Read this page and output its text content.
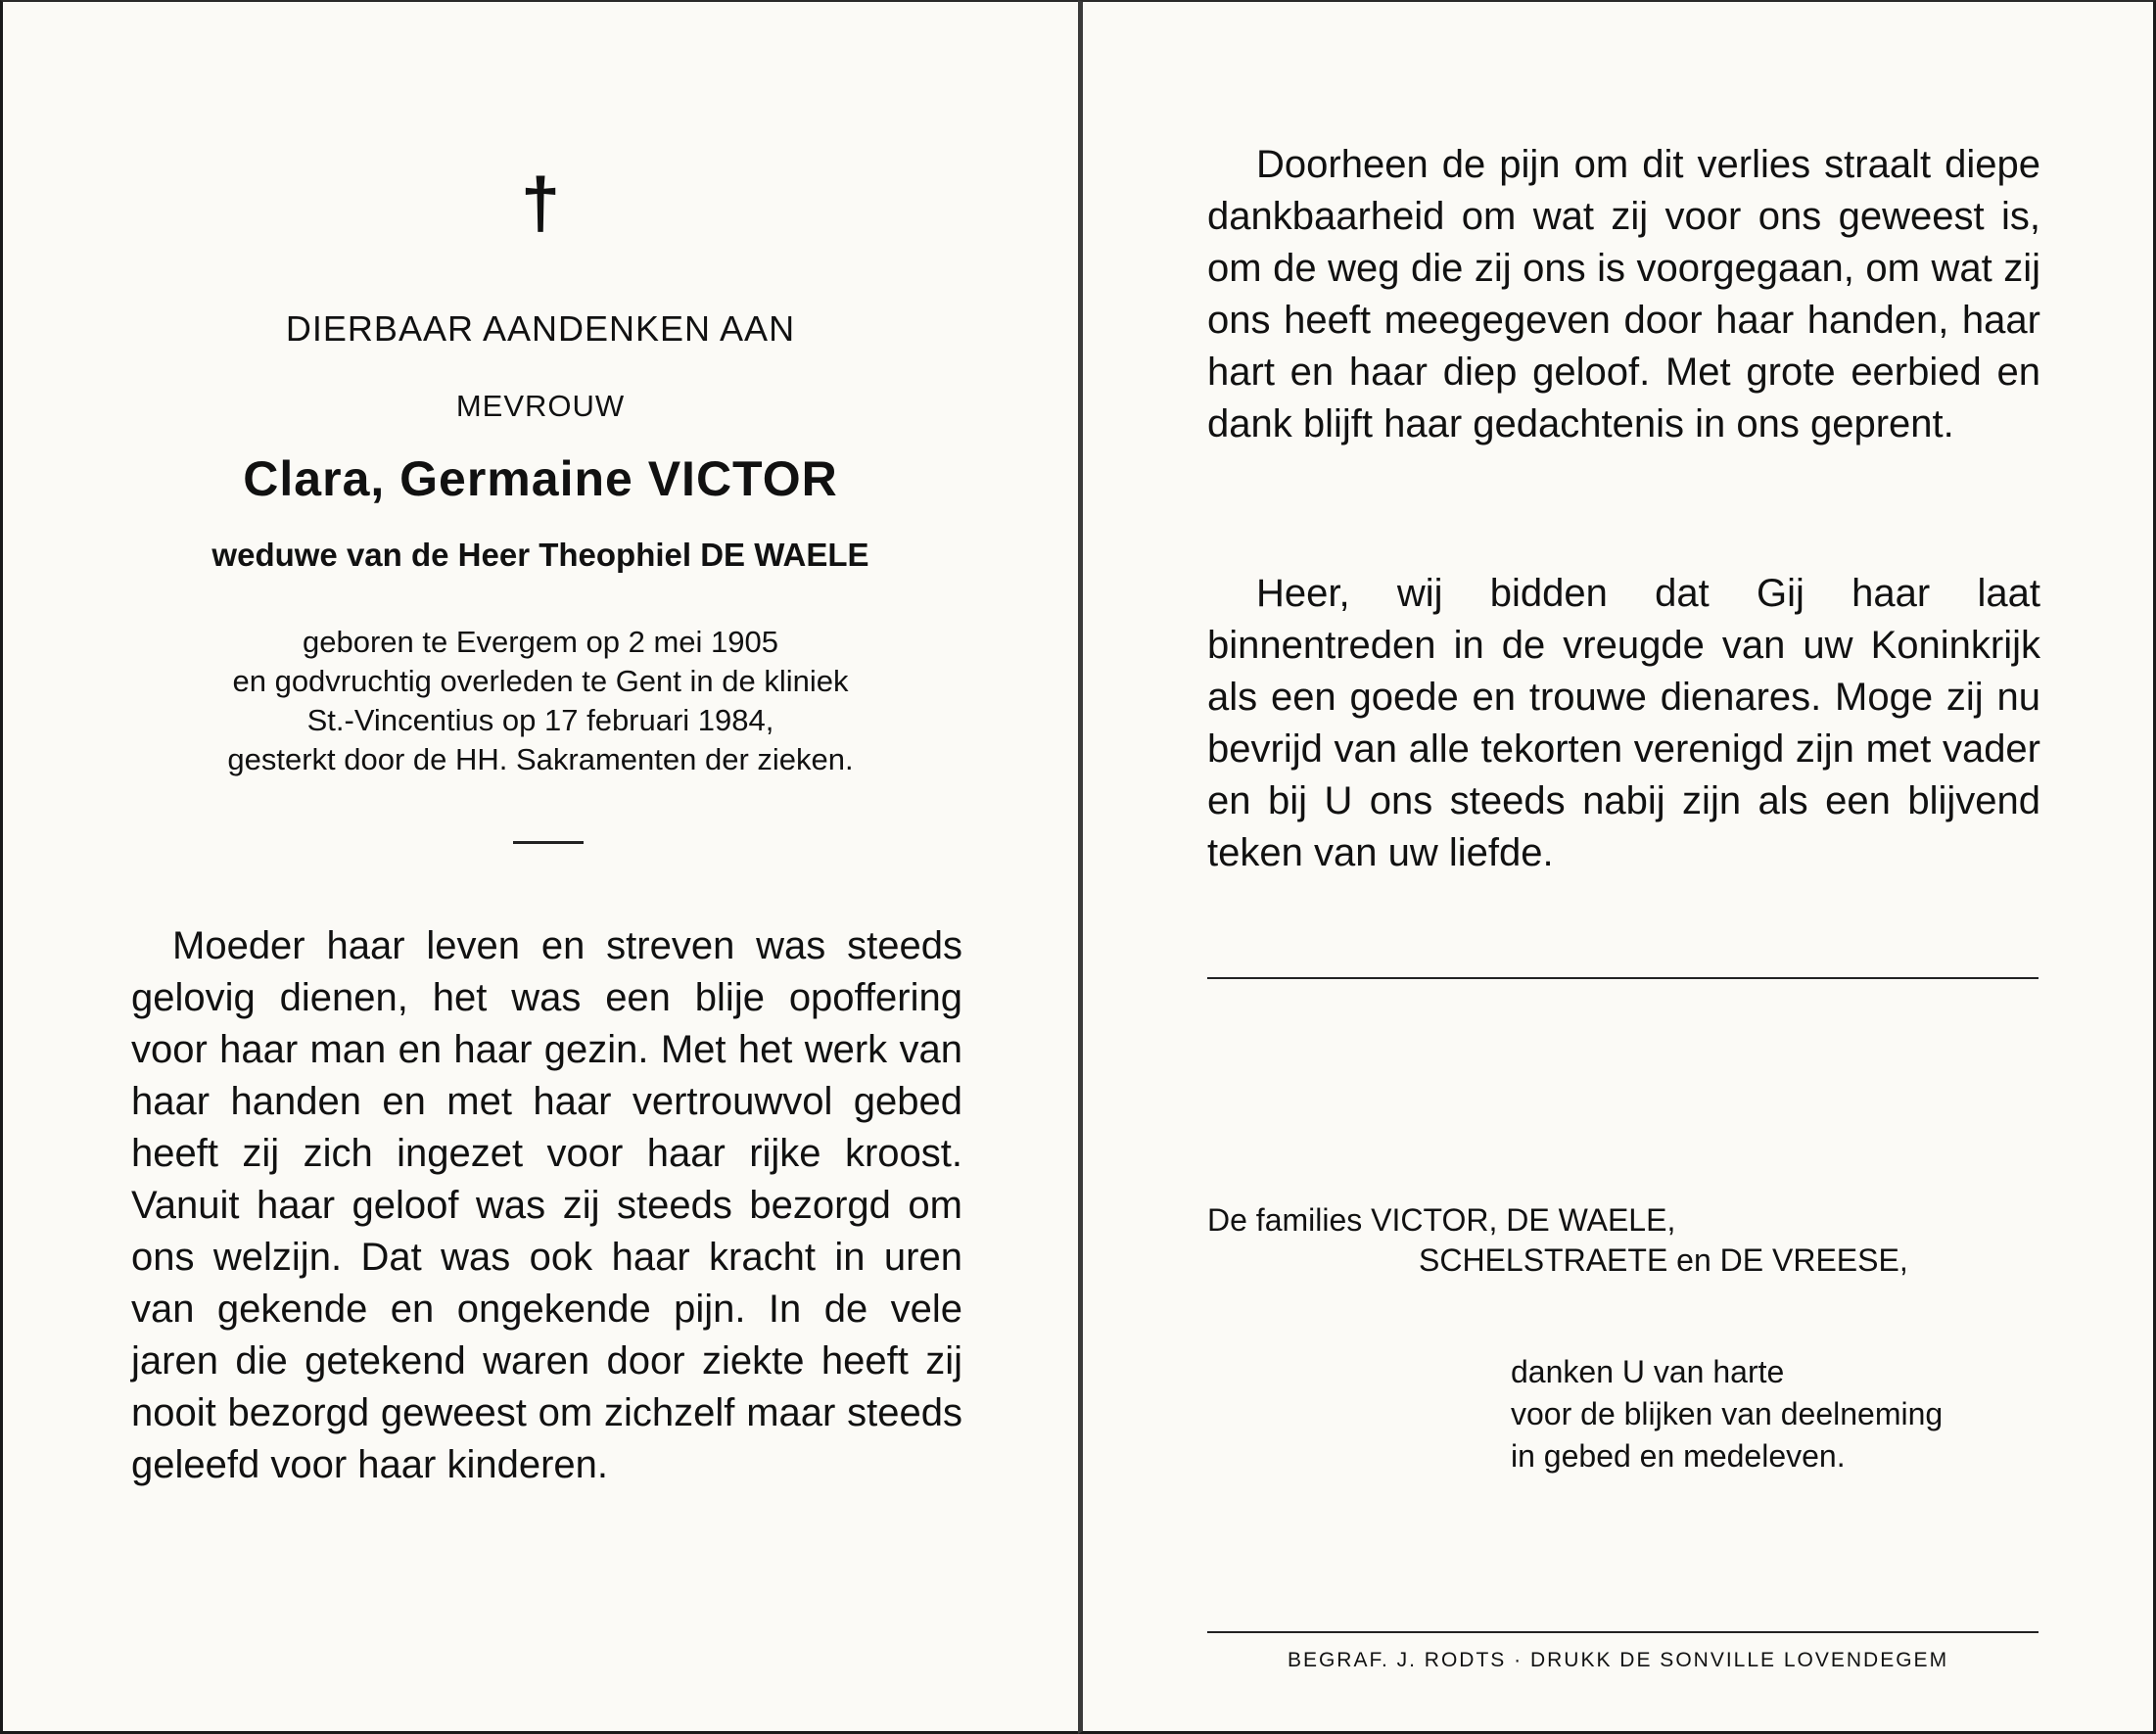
†
DIERBAAR AANDENKEN AAN
MEVROUW
Clara, Germaine VICTOR
weduwe van de Heer Theophiel DE WAELE
geboren te Evergem op 2 mei 1905
en godvruchtig overleden te Gent in de kliniek
St.-Vincentius op 17 februari 1984,
gesterkt door de HH. Sakramenten der zieken.

Moeder haar leven en streven was steeds gelovig dienen, het was een blije opoffering voor haar man en haar gezin. Met het werk van haar handen en met haar vertrouwvol gebed heeft zij zich ingezet voor haar rijke kroost. Vanuit haar geloof was zij steeds bezorgd om ons welzijn. Dat was ook haar kracht in uren van gekende en ongekende pijn. In de vele jaren die getekend waren door ziekte heeft zij nooit bezorgd geweest om zichzelf maar steeds geleefd voor haar kinderen.

Doorheen de pijn om dit verlies straalt diepe dankbaarheid om wat zij voor ons geweest is, om de weg die zij ons is voorgegaan, om wat zij ons heeft meegegeven door haar handen, haar hart en haar diep geloof. Met grote eerbied en dank blijft haar gedachtenis in ons geprent.

Heer, wij bidden dat Gij haar laat binnentreden in de vreugde van uw Koninkrijk als een goede en trouwe dienares. Moge zij nu bevrijd van alle tekorten verenigd zijn met vader en bij U ons steeds nabij zijn als een blijvend teken van uw liefde.

De families VICTOR, DE WAELE,
SCHELSTRAETE en DE VREESE,
danken U van harte
voor de blijken van deelneming
in gebed en medeleven.
BEGRAF. J. RODTS · DRUKK DE SONVILLE LOVENDEGEM
